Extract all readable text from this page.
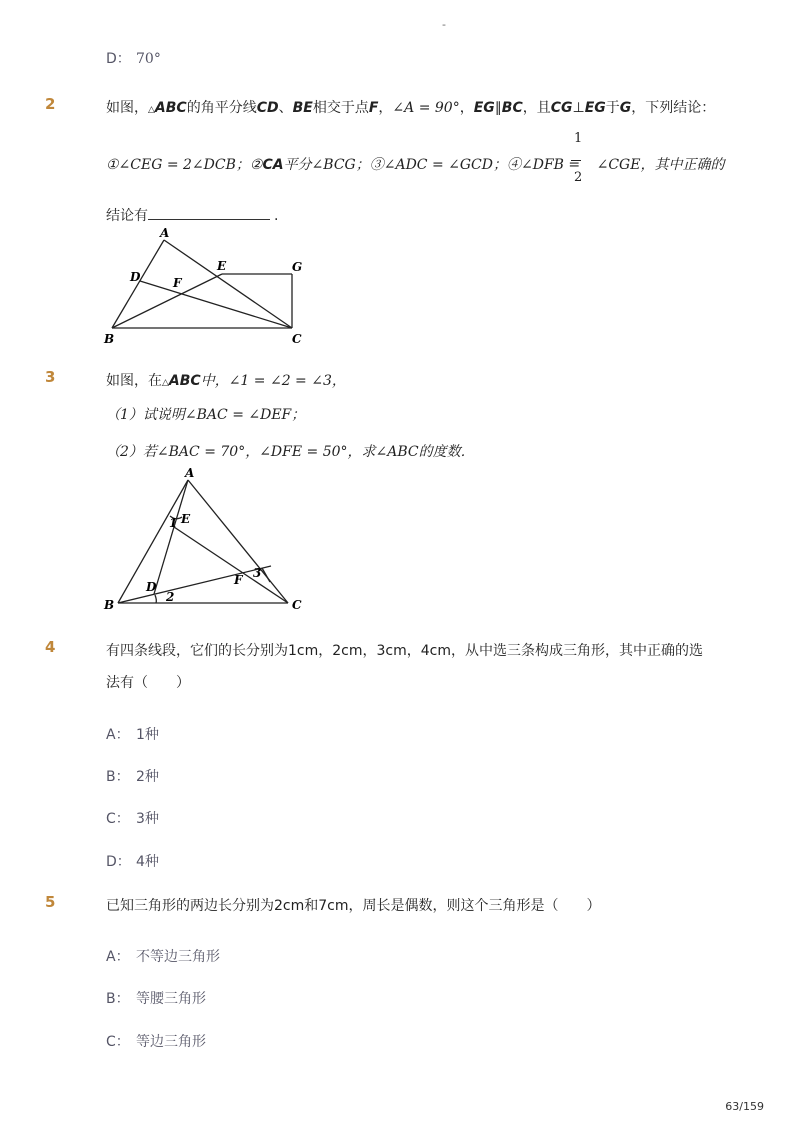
-
D： 70°
2	如图，△ABC的角平分线CD、BE相交于点F，∠A = 90°，EG∥BC，且CG⊥EG于G，下列结论：
1
2
①∠CEG = 2∠DCB；②CA平分∠BCG；③∠ADC = ∠GCD；④∠DFB = ∠CGE，其中正确的
结论有	.
A
B	C
D
E
F
G
3	如图，在△ABC中，∠1 = ∠2 = ∠3，
（1）试说明∠BAC = ∠DEF；
（2）若∠BAC = 70°，∠DFE = 50°，求∠ABC的度数．
A
B	C
D
E
F
1
2
3
4	有四条线段，它们的长分别为1cm，2cm，3cm，4cm，从中选三条构成三角形，其中正确的选
法有（　　）
A： 1种
B： 2种
C： 3种
D： 4种
5	已知三角形的两边长分别为2cm和7cm，周长是偶数，则这个三角形是（　　）
A： 不等边三角形
B： 等腰三角形
C： 等边三角形
63/159
